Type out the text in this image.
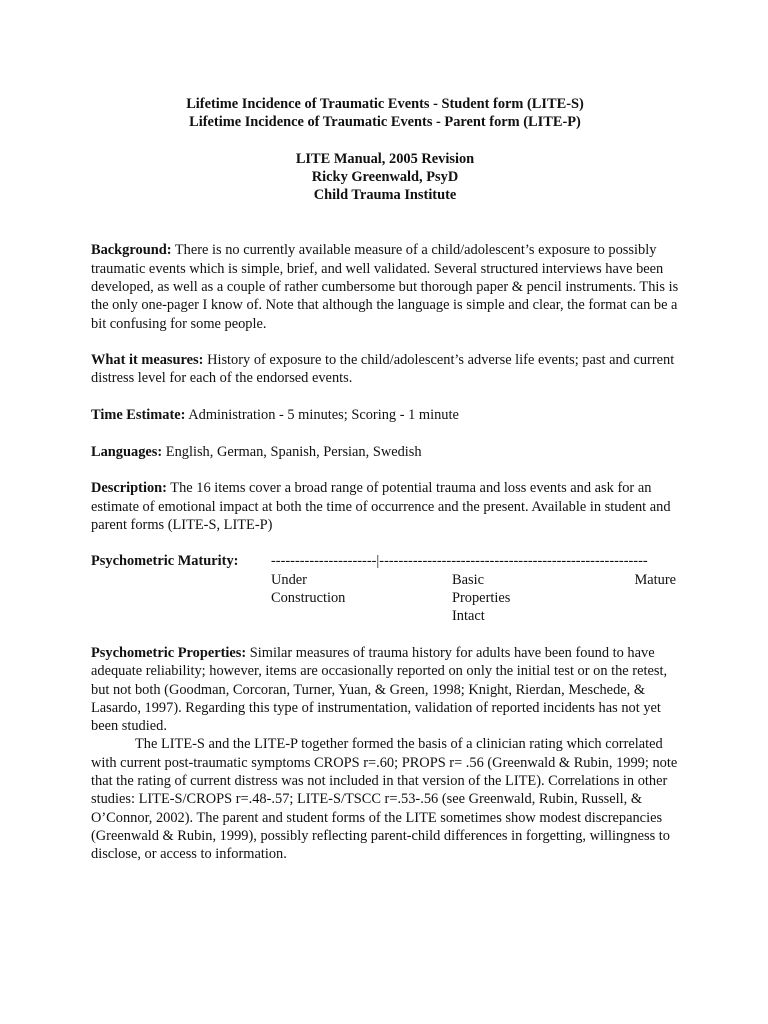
Lifetime Incidence of Traumatic Events - Student form (LITE-S)
Lifetime Incidence of Traumatic Events - Parent form (LITE-P)
LITE Manual, 2005 Revision
Ricky Greenwald, PsyD
Child Trauma Institute
Background: There is no currently available measure of a child/adolescent’s exposure to possibly traumatic events which is simple, brief, and well validated. Several structured interviews have been developed, as well as a couple of rather cumbersome but thorough paper & pencil instruments. This is the only one-pager I know of. Note that although the language is simple and clear, the format can be a bit confusing for some people.
What it measures: History of exposure to the child/adolescent’s adverse life events; past and current distress level for each of the endorsed events.
Time Estimate: Administration - 5 minutes; Scoring - 1 minute
Languages: English, German, Spanish, Persian, Swedish
Description: The 16 items cover a broad range of potential trauma and loss events and ask for an estimate of emotional impact at both the time of occurrence and the present. Available in student and parent forms (LITE-S, LITE-P)
Psychometric Maturity: ----------------------|--------------------------------------------------------
Under
Construction
Basic
Properties
Intact
Mature
Psychometric Properties: Similar measures of trauma history for adults have been found to have adequate reliability; however, items are occasionally reported on only the initial test or on the retest, but not both (Goodman, Corcoran, Turner, Yuan, & Green, 1998; Knight, Rierdan, Meschede, & Lasardo, 1997). Regarding this type of instrumentation, validation of reported incidents has not yet been studied.
The LITE-S and the LITE-P together formed the basis of a clinician rating which correlated with current post-traumatic symptoms CROPS r=.60; PROPS r= .56 (Greenwald & Rubin, 1999; note that the rating of current distress was not included in that version of the LITE). Correlations in other studies: LITE-S/CROPS r=.48-.57; LITE-S/TSCC r=.53-.56 (see Greenwald, Rubin, Russell, & O’Connor, 2002). The parent and student forms of the LITE sometimes show modest discrepancies (Greenwald & Rubin, 1999), possibly reflecting parent-child differences in forgetting, willingness to disclose, or access to information.
